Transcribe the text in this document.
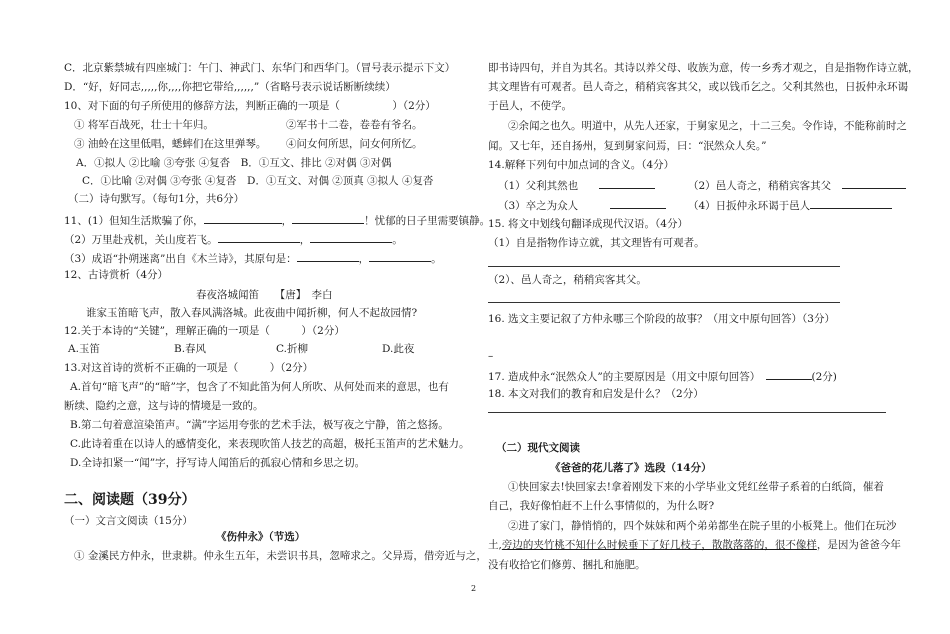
C．北京紫禁城有四座城门：午门、神武门、东华门和西华门。（冒号表示提示下文）
D．“好，好同志,,,,,你,,,,你把它带给,,,,,,”（省略号表示说话断断续续）
10、对下面的句子所使用的修辞方法，判断正确的一项是（　　　　　）（2分）
① 将军百战死，壮士十年归。	②军书十二卷，卷卷有爷名。
③ 油蛉在这里低唱，蟋蟀们在这里弹琴。 ④问女何所思，问女何所忆。
A．①拟人 ②比喻 ③夸张 ④复沓　B．①互文、排比 ②对偶 ③对偶
C．①比喻 ②对偶 ③夸张 ④复沓　D．①互文、对偶 ②顶真 ③拟人 ④复沓
（二）诗句默写。（每句1分，共6分）
11、(1）但知生活欺骗了你，	，	！忧郁的日子里需要镇静。
（2）万里赴戎机，关山度若飞。	，	。
（3）成语“扑朔迷离”出自《木兰诗》，其原句是：	，	。
12、古诗赏析（4分）
春夜洛城闻笛　　【唐】　李白
谁家玉笛暗飞声，散入春风满洛城。此夜曲中闻折柳，何人不起故园情?
12.关于本诗的“关键”，理解正确的一项是（　　　）（2分）
A.玉笛	B.春风	C.折柳	D.此夜
13.对这首诗的赏析不正确的一项是（　　　）（2分）
A.首句“暗飞声”的“暗”字，包含了不知此笛为何人所吹、从何处而来的意思，也有
断续、隐约之意，这与诗的情境是一致的。
B.第二句着意渲染笛声。“满”字运用夸张的艺术手法，极写夜之宁静，笛之悠扬。
C.此诗着重在以诗人的感情变化，来表现吹笛人技艺的高超，极托玉笛声的艺术魅力。
D.全诗扣紧一“闻”字，抒写诗人闻笛后的孤寂心情和乡思之切。
二、阅读题（39分）
（一）文言文阅读（15分）
《伤仲永》（节选）
① 金溪民方仲永，世隶耕。仲永生五年，未尝识书具，忽啼求之。父异焉，借旁近与之，
即书诗四句，并自为其名。其诗以养父母、收族为意，传一乡秀才观之，自是指物作诗立就，
其文理皆有可观者。邑人奇之，稍稍宾客其父，或以钱币乞之。父利其然也，日扳仲永环谒
于邑人，不使学。
②余闻之也久。明道中，从先人还家，于舅家见之，十二三矣。令作诗，不能称前时之
闻。又七年，还自扬州，复到舅家问焉，曰：“泯然众人矣。”
14.解释下列句中加点词的含义。（4分）
（1）父利其然也　　	（2）邑人奇之，稍稍宾客其父　
（3）卒之为众人　　　	（4）日扳仲永环谒于邑人
15. 将文中划线句翻译成现代汉语。（4分）
（1）自是指物作诗立就，其文理皆有可观者。
（2）、邑人奇之，稍稍宾客其父。
16. 选文主要记叙了方仲永哪三个阶段的故事？（用文中原句回答）（3分）
–
17. 造成仲永“泯然众人”的主要原因是（用文中原句回答）　	(2分)
18. 本文对我们的教育和启发是什么？（2分）
（二）现代文阅读
《爸爸的花儿落了》选段（14分）
①快回家去!快回家去!拿着刚发下来的小学毕业文凭红丝带子系着的白纸筒，催着
自己，我好像怕赶不上什么事情似的，为什么呀?
②进了家门，静悄悄的，四个妹妹和两个弟弟都坐在院子里的小板凳上。他们在玩沙
土,旁边的夹竹桃不知什么时候垂下了好几枝子，散散落落的，很不像样，是因为爸爸今年
没有收拾它们修剪、捆扎和施肥。
2
